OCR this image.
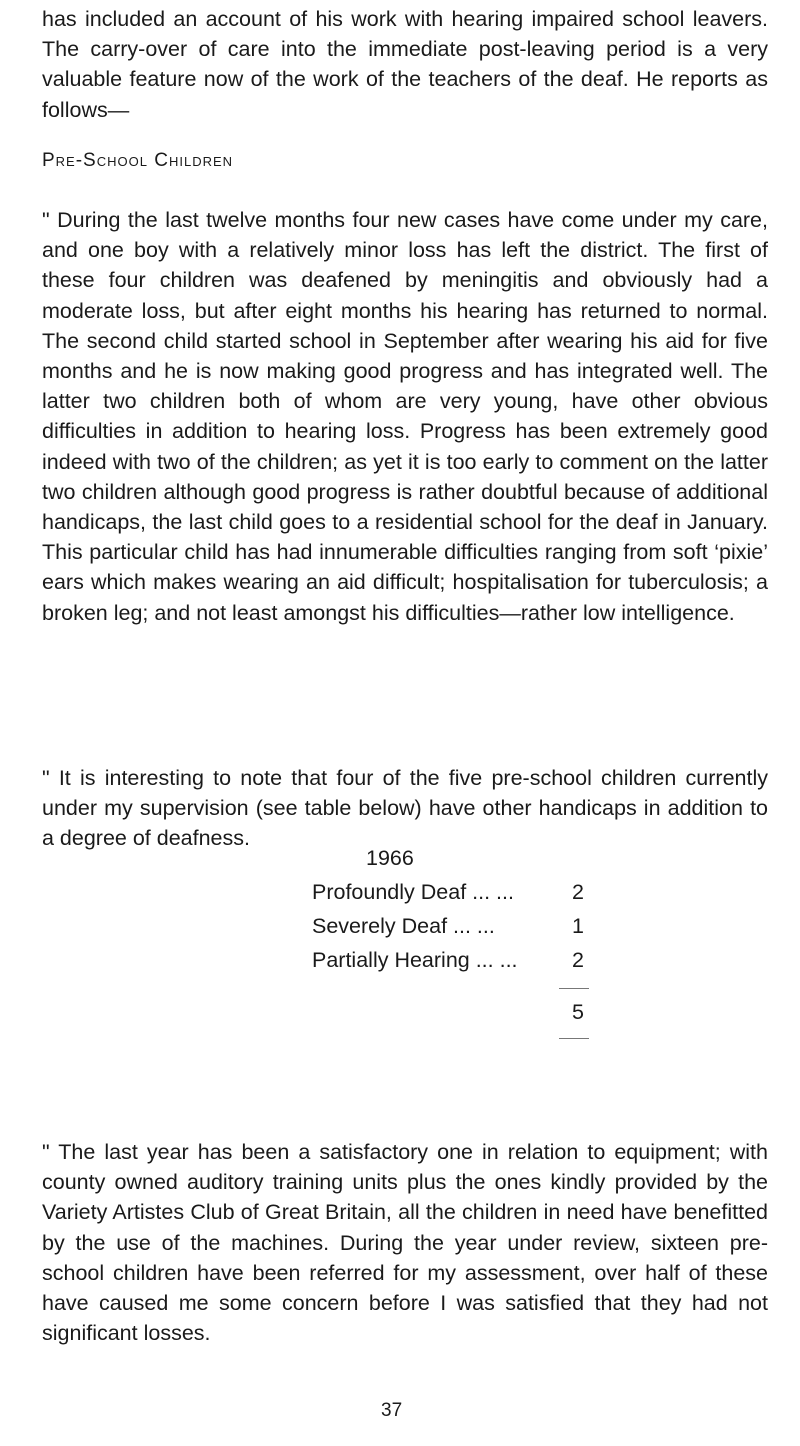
has included an account of his work with hearing impaired school leavers. The carry-over of care into the immediate post-leaving period is a very valuable feature now of the work of the teachers of the deaf. He reports as follows—

Pre-School Children

" During the last twelve months four new cases have come under my care, and one boy with a relatively minor loss has left the district. The first of these four children was deafened by meningitis and obviously had a moderate loss, but after eight months his hearing has returned to normal. The second child started school in September after wearing his aid for five months and he is now making good progress and has integrated well. The latter two children both of whom are very young, have other obvious difficulties in addition to hearing loss. Progress has been extremely good indeed with two of the children; as yet it is too early to comment on the latter two children although good progress is rather doubtful because of additional handicaps, the last child goes to a residential school for the deaf in January. This particular child has had innumerable difficulties ranging from soft ‘pixie’ ears which makes wearing an aid difficult; hospitalisation for tuberculosis; a broken leg; and not least amongst his difficulties—rather low intelligence.

" It is interesting to note that four of the five pre-school children currently under my supervision (see table below) have other handicaps in addition to a degree of deafness.

1966
Profoundly Deaf ... ...	2
Severely Deaf ... ...	1
Partially Hearing ... ...	2
5

" The last year has been a satisfactory one in relation to equipment; with county owned auditory training units plus the ones kindly provided by the Variety Artistes Club of Great Britain, all the children in need have benefitted by the use of the machines. During the year under review, sixteen pre-school children have been referred for my assessment, over half of these have caused me some concern before I was satisfied that they had not significant losses.

37
